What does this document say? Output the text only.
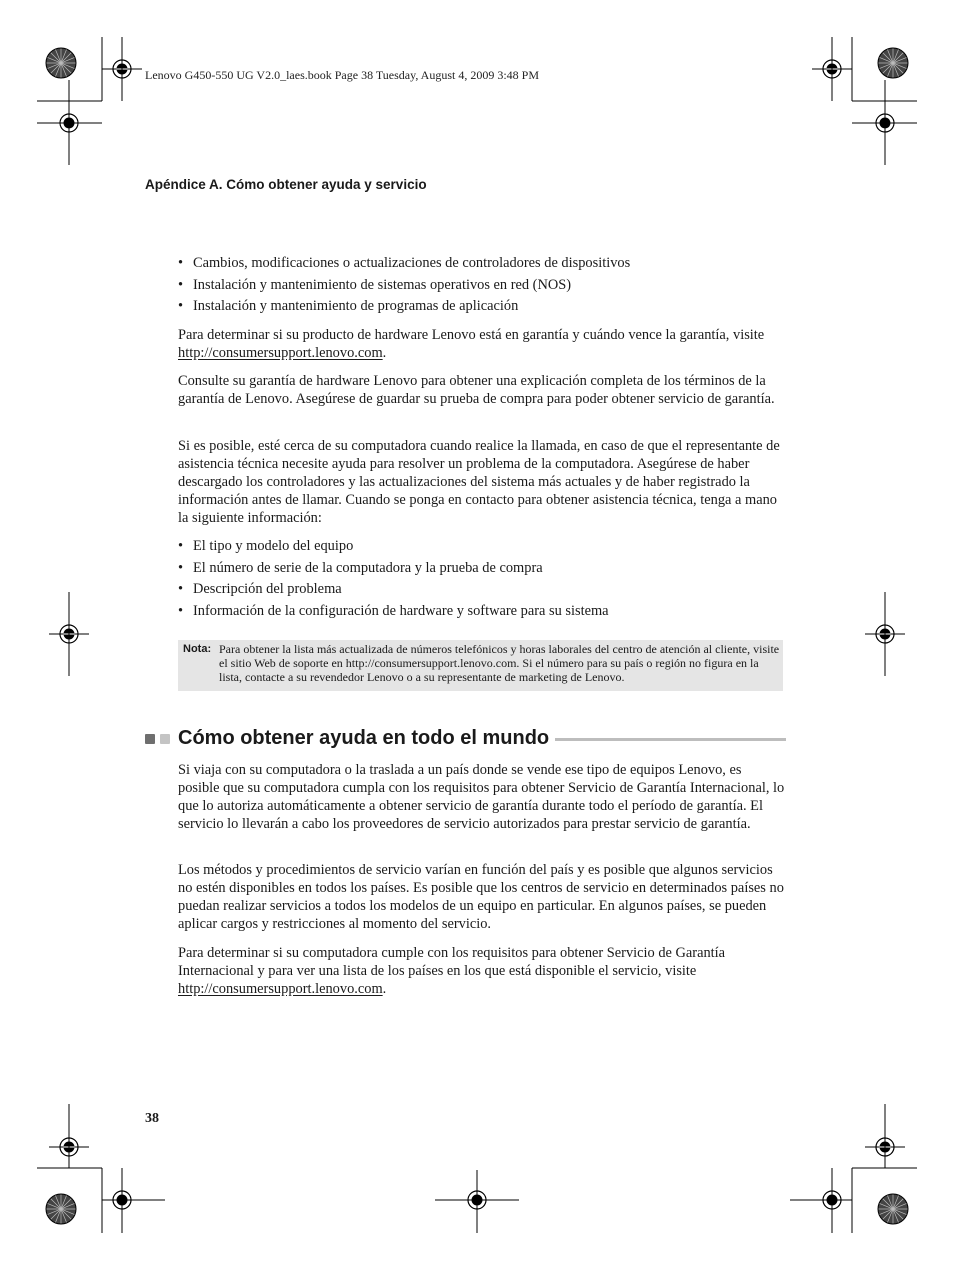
Lenovo G450-550 UG V2.0_laes.book Page 38 Tuesday, August 4, 2009 3:48 PM
Apéndice A. Cómo obtener ayuda y servicio
• Cambios, modificaciones o actualizaciones de controladores de dispositivos
• Instalación y mantenimiento de sistemas operativos en red (NOS)
• Instalación y mantenimiento de programas de aplicación

Para determinar si su producto de hardware Lenovo está en garantía y cuándo vence la garantía, visite http://consumersupport.lenovo.com.

Consulte su garantía de hardware Lenovo para obtener una explicación completa de los términos de la garantía de Lenovo. Asegúrese de guardar su prueba de compra para poder obtener servicio de garantía.

Si es posible, esté cerca de su computadora cuando realice la llamada, en caso de que el representante de asistencia técnica necesite ayuda para resolver un problema de la computadora. Asegúrese de haber descargado los controladores y las actualizaciones del sistema más actuales y de haber registrado la información antes de llamar. Cuando se ponga en contacto para obtener asistencia técnica, tenga a mano la siguiente información:

• El tipo y modelo del equipo
• El número de serie de la computadora y la prueba de compra
• Descripción del problema
• Información de la configuración de hardware y software para su sistema
Nota: Para obtener la lista más actualizada de números telefónicos y horas laborales del centro de atención al cliente, visite el sitio Web de soporte en http://consumersupport.lenovo.com. Si el número para su país o región no figura en la lista, contacte a su revendedor Lenovo o a su representante de marketing de Lenovo.
Cómo obtener ayuda en todo el mundo

Si viaja con su computadora o la traslada a un país donde se vende ese tipo de equipos Lenovo, es posible que su computadora cumpla con los requisitos para obtener Servicio de Garantía Internacional, lo que lo autoriza automáticamente a obtener servicio de garantía durante todo el período de garantía. El servicio lo llevarán a cabo los proveedores de servicio autorizados para prestar servicio de garantía.

Los métodos y procedimientos de servicio varían en función del país y es posible que algunos servicios no estén disponibles en todos los países. Es posible que los centros de servicio en determinados países no puedan realizar servicios a todos los modelos de un equipo en particular. En algunos países, se pueden aplicar cargos y restricciones al momento del servicio.

Para determinar si su computadora cumple con los requisitos para obtener Servicio de Garantía Internacional y para ver una lista de los países en los que está disponible el servicio, visite http://consumersupport.lenovo.com.

38
